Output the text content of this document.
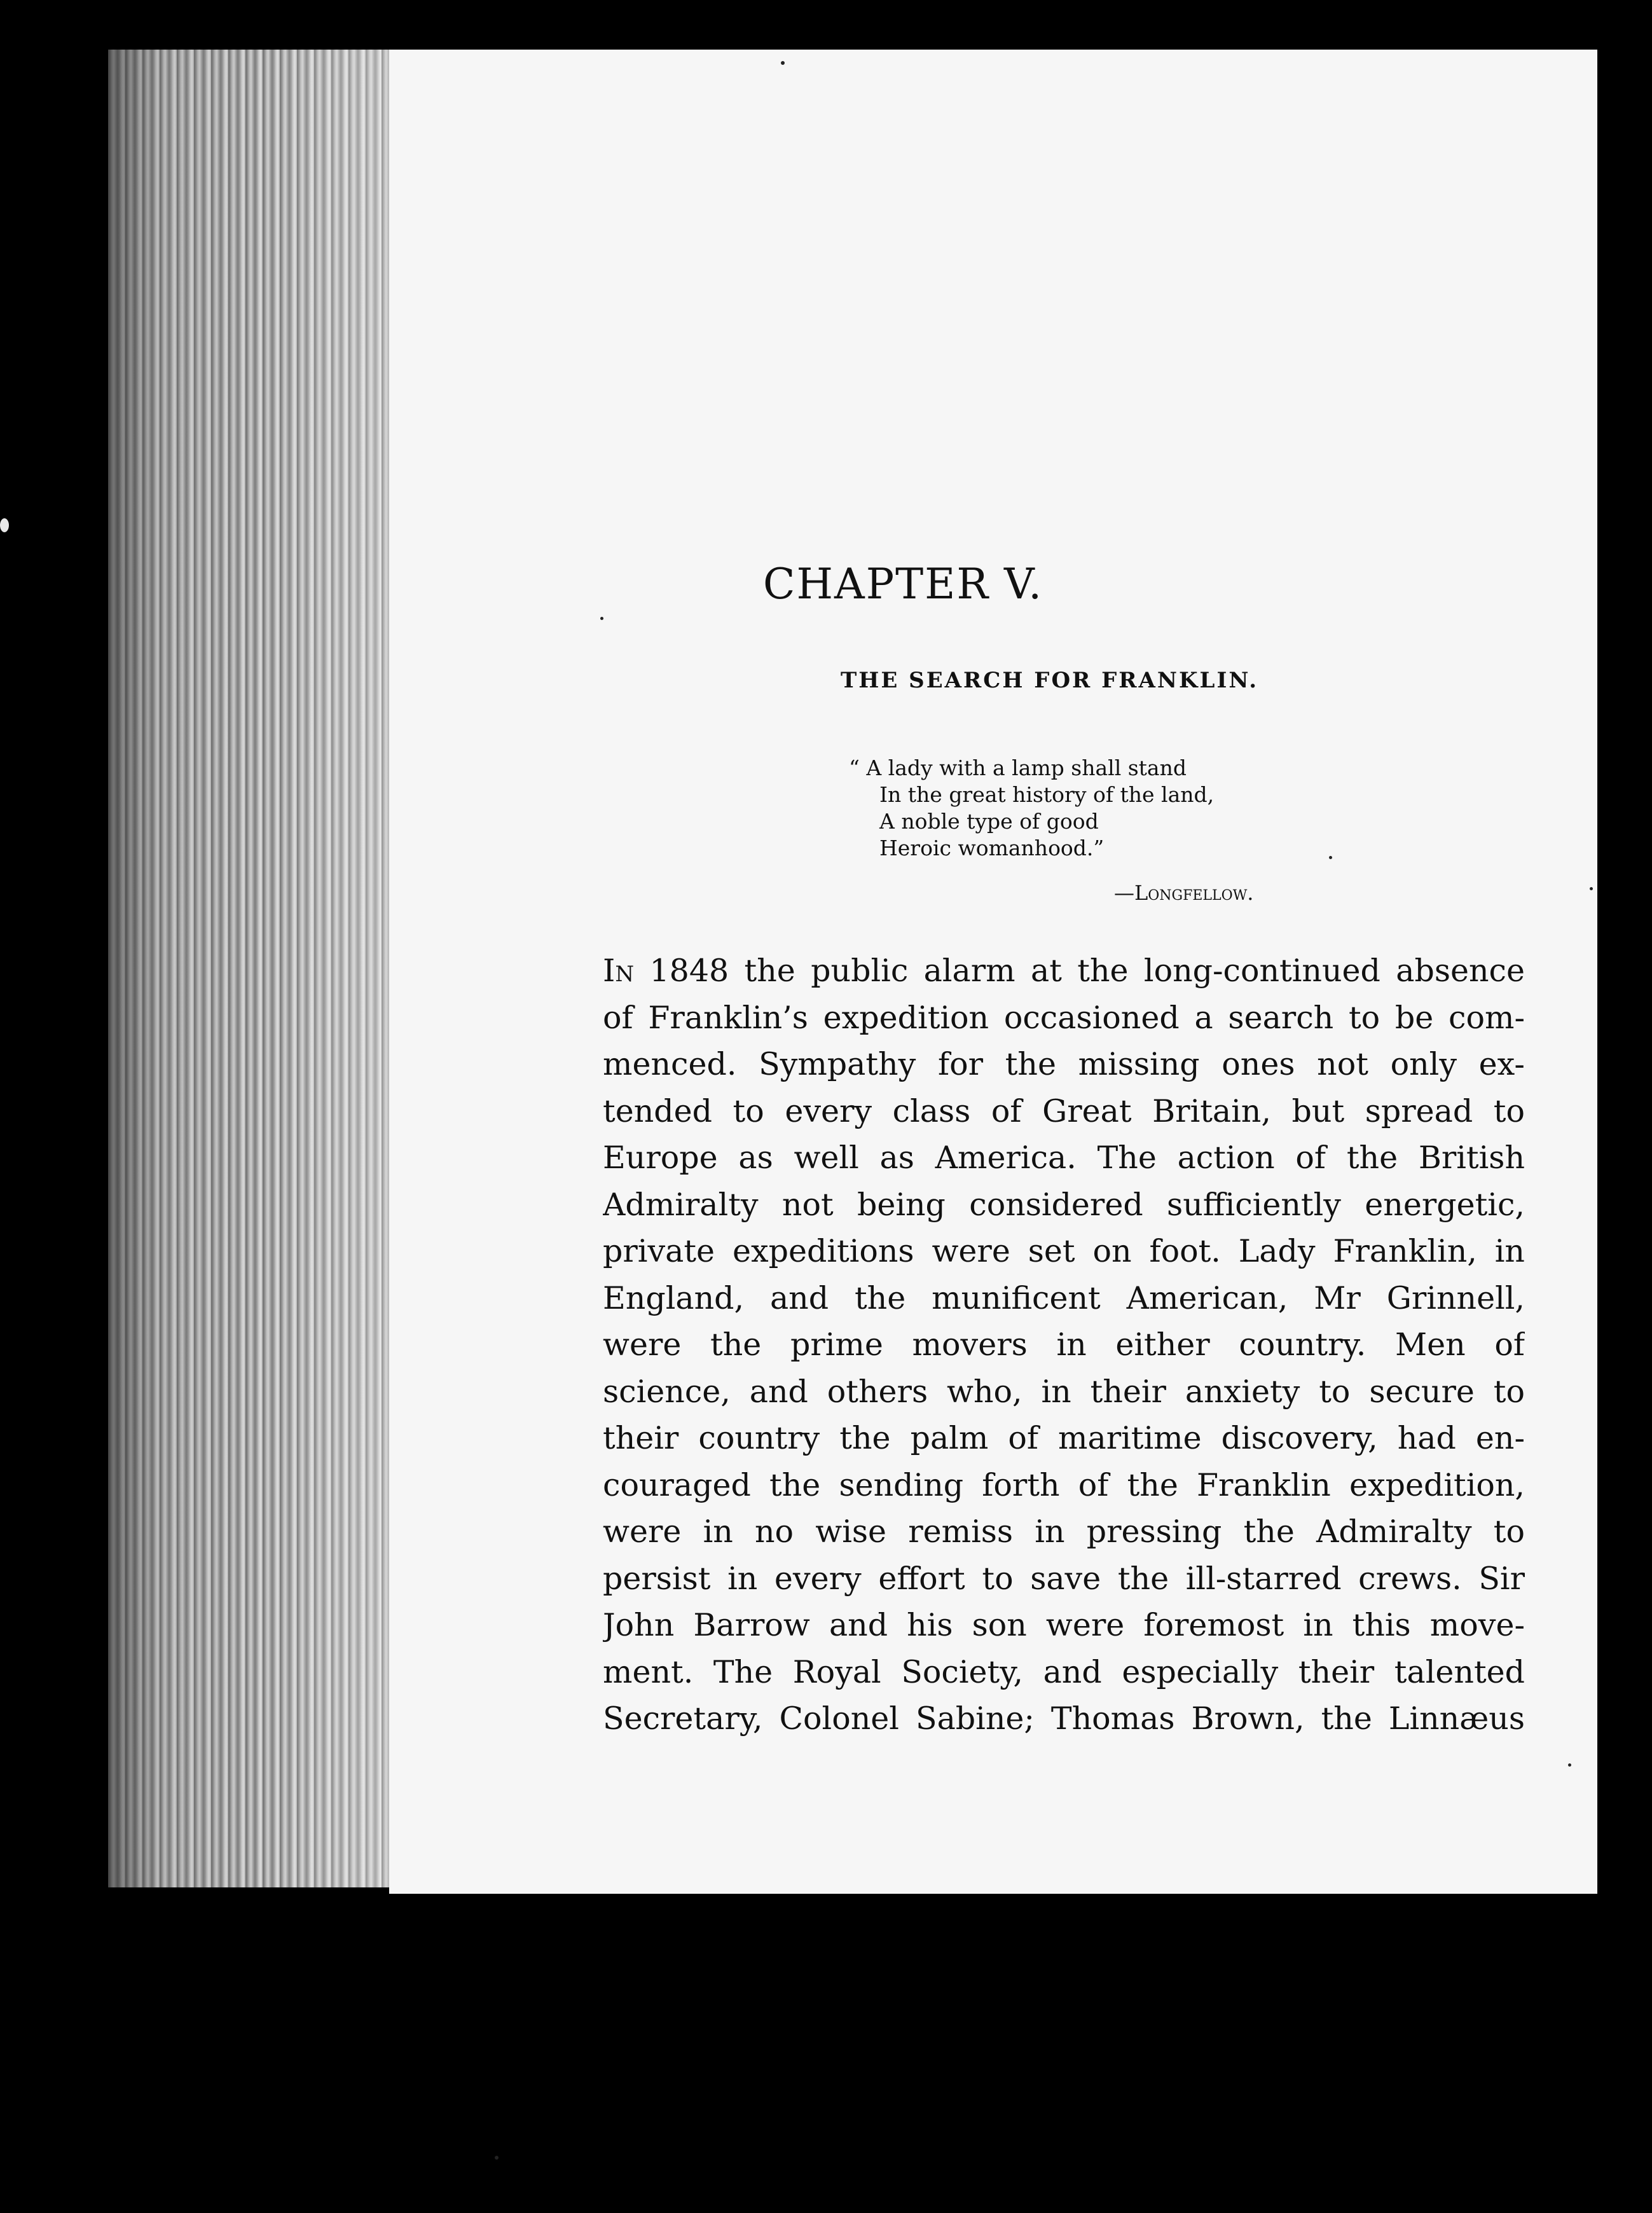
CHAPTER V.
THE SEARCH FOR FRANKLIN.
“ A lady with a lamp shall stand
In the great history of the land,
A noble type of good
Heroic womanhood.”
—Longfellow.
In 1848 the public alarm at the long-continued absence
of Franklin’s expedition occasioned a search to be com-
menced. Sympathy for the missing ones not only ex-
tended to every class of Great Britain, but spread to
Europe as well as America. The action of the British
Admiralty not being considered sufficiently energetic,
private expeditions were set on foot. Lady Franklin, in
England, and the munificent American, Mr Grinnell,
were the prime movers in either country. Men of
science, and others who, in their anxiety to secure to
their country the palm of maritime discovery, had en-
couraged the sending forth of the Franklin expedition,
were in no wise remiss in pressing the Admiralty to
persist in every effort to save the ill-starred crews. Sir
John Barrow and his son were foremost in this move-
ment. The Royal Society, and especially their talented
Secretary, Colonel Sabine; Thomas Brown, the Linnæus
